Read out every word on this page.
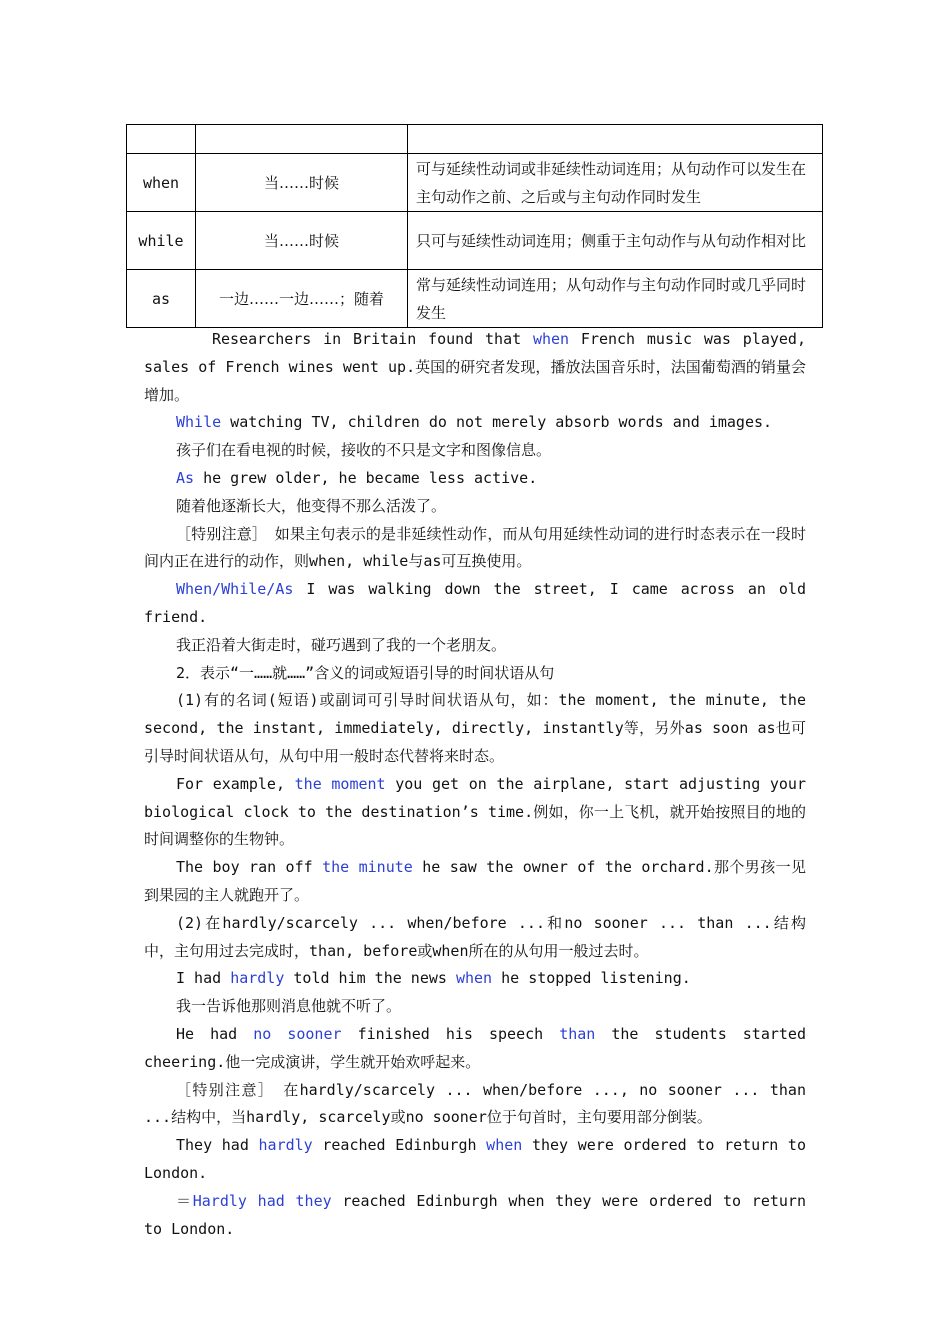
when	当……时候	可与延续性动词或非延续性动词连用；从句动作可以发生在主句动作之前、之后或与主句动作同时发生
while	当……时候	只可与延续性动词连用；侧重于主句动作与从句动作相对比
as	一边……一边……；随着	常与延续性动词连用；从句动作与主句动作同时或几乎同时发生

Researchers in Britain found that when French music was played, sales of French wines went up.英国的研究者发现，播放法国音乐时，法国葡萄酒的销量会增加。

While watching TV, children do not merely absorb words and images.

孩子们在看电视的时候，接收的不只是文字和图像信息。

As he grew older, he became less active.

随着他逐渐长大，他变得不那么活泼了。

［特别注意］　如果主句表示的是非延续性动作，而从句用延续性动词的进行时态表示在一段时间内正在进行的动作，则when, while与as可互换使用。

When/While/As I was walking down the street, I came across an old friend.

我正沿着大街走时，碰巧遇到了我的一个老朋友。

2．表示“一……就……”含义的词或短语引导的时间状语从句

(1)有的名词(短语)或副词可引导时间状语从句，如：the moment, the minute, the second, the instant, immediately, directly, instantly等，另外as soon as也可引导时间状语从句，从句中用一般时态代替将来时态。

For example, the moment you get on the airplane, start adjusting your biological clock to the destination’s time.例如，你一上飞机，就开始按照目的地的时间调整你的生物钟。

The boy ran off the minute he saw the owner of the orchard.那个男孩一见到果园的主人就跑开了。

(2)在hardly/scarcely ... when/before ...和no sooner ... than ...结构中，主句用过去完成时，than, before或when所在的从句用一般过去时。

I had hardly told him the news when he stopped listening.

我一告诉他那则消息他就不听了。

He had no sooner finished his speech than the students started cheering.他一完成演讲，学生就开始欢呼起来。

［特别注意］　在hardly/scarcely ... when/before ..., no sooner ... than ...结构中，当hardly, scarcely或no sooner位于句首时，主句要用部分倒装。

They had hardly reached Edinburgh when they were ordered to return to London.

＝Hardly had they reached Edinburgh when they were ordered to return to London.
